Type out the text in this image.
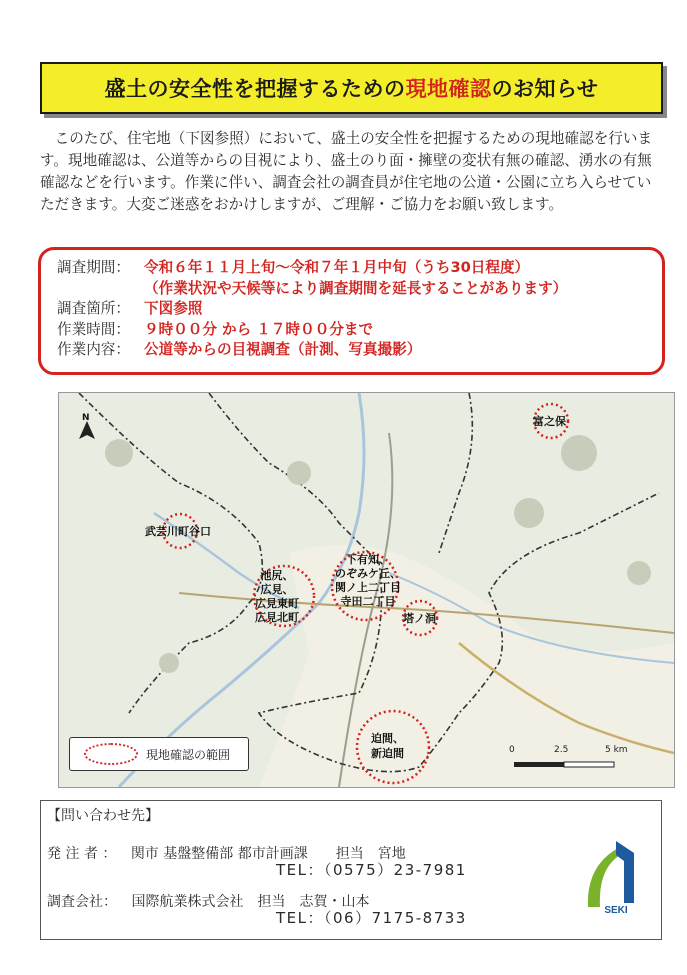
盛土の安全性を把握するための 現地確認 のお知らせ
このたび、住宅地（下図参照）において、盛土の安全性を把握するための現地確認を行います。現地確認は、公道等からの目視により、盛土のり面・擁壁の変状有無の確認、湧水の有無確認などを行います。作業に伴い、調査会社の調査員が住宅地の公道・公園に立ち入らせていただきます。大変ご迷惑をおかけしますが、ご理解・ご協力をお願い致します。
調査期間： 令和６年１１月上旬～令和７年１月中旬（うち30日程度）
（作業状況や天候等により調査期間を延長することがあります）
調査箇所： 下図参照
作業時間： ９時００分 から １７時００分まで
作業内容： 公道等からの目視調査（計測、写真撮影）
N	富之保
武芸川町谷口
池尻、
広見、
広見東町
広見北町
下有知、
のぞみケ丘、
関ノ上二丁目
寺田二丁目
塔ノ洞
迫間、
新迫間
現地確認の範囲	0	2.5	5 km
【問い合わせ先】
発 注 者 ： 関市 基盤整備部 都市計画課　　担当　宮地
TEL：（0575）23-7981
調査会社： 国際航業株式会社　担当　志賀・山本
TEL：（06）7175-8733	SEKI
